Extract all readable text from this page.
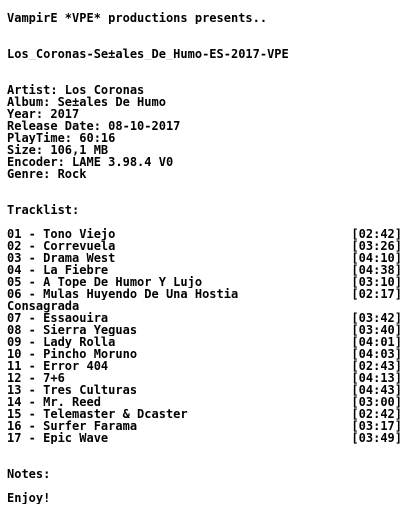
VampirE *VPE* productions presents..
Los_Coronas-Se±ales_De_Humo-ES-2017-VPE
Artist: Los Coronas
Album: Se±ales De Humo
Year: 2017
Release Date: 08-10-2017
PlayTime: 60:16
Size: 106,1 MB
Encoder: LAME 3.98.4 V0
Genre: Rock
Tracklist:
01 - Tono Viejo	[02:42]
02 - Correvuela	[03:26]
03 - Drama West	[04:10]
04 - La Fiebre	[04:38]
05 - A Tope De Humor Y Lujo	[03:10]
06 - Mulas Huyendo De Una Hostia	[02:17]
Consagrada
07 - Essaouira	[03:42]
08 - Sierra Yeguas	[03:40]
09 - Lady Rolla	[04:01]
10 - Pincho Moruno	[04:03]
11 - Error 404	[02:43]
12 - 7+6	[04:13]
13 - Tres Culturas	[04:43]
14 - Mr. Reed	[03:00]
15 - Telemaster & Dcaster	[02:42]
16 - Surfer Farama	[03:17]
17 - Epic Wave	[03:49]
Notes:
Enjoy!
